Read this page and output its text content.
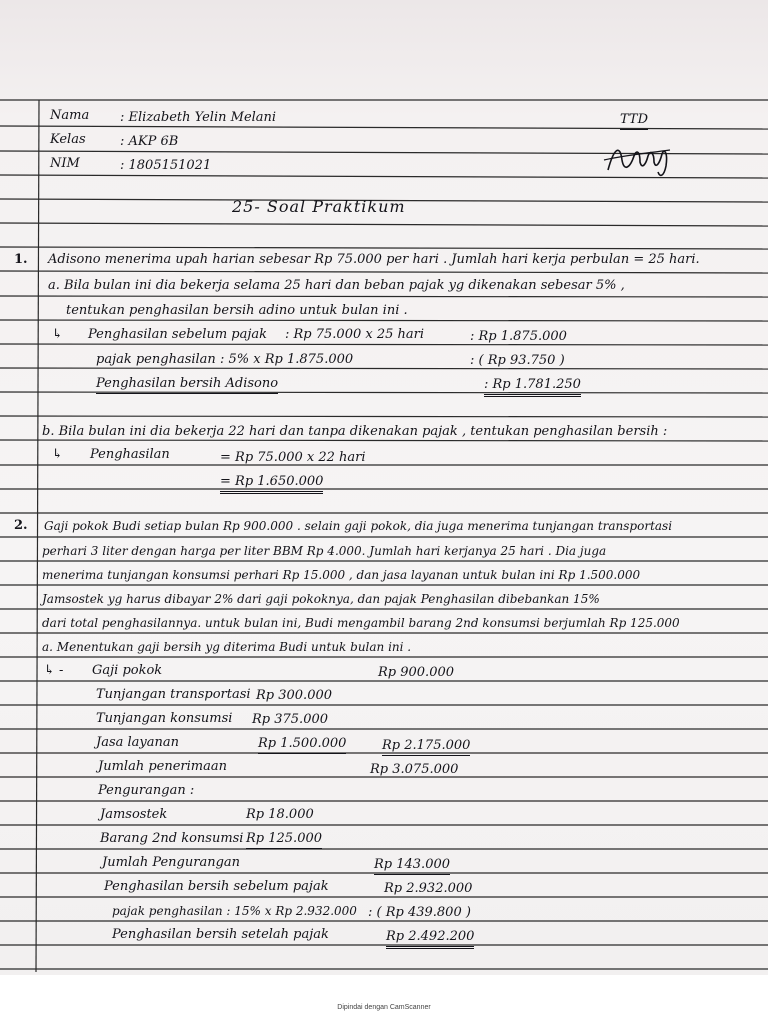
Nama : Elizabeth Yelin Melani
Kelas	: AKP 6B
NIM	: 1805151021
TTD
25- Soal Praktikum
1. Adisono menerima upah harian sebesar Rp 75.000 per hari . Jumlah hari kerja perbulan = 25 hari.
a. Bila bulan ini dia bekerja selama 25 hari dan beban pajak yg dikenakan sebesar 5% ,
tentukan penghasilan bersih adino untuk bulan ini .
↳ Penghasilan sebelum pajak : Rp 75.000 x 25 hari	: Rp 1.875.000
pajak penghasilan : 5% x Rp 1.875.000	: ( Rp 93.750 )
Penghasilan bersih Adisono	: Rp 1.781.250
b. Bila bulan ini dia bekerja 22 hari dan tanpa dikenakan pajak , tentukan penghasilan bersih :
↳ Penghasilan	= Rp 75.000 x 22 hari
= Rp 1.650.000
2. Gaji pokok Budi setiap bulan Rp 900.000 . selain gaji pokok, dia juga menerima tunjangan transportasi
perhari 3 liter dengan harga per liter BBM Rp 4.000. Jumlah hari kerjanya 25 hari . Dia juga
menerima tunjangan konsumsi perhari Rp 15.000 , dan jasa layanan untuk bulan ini Rp 1.500.000
Jamsostek yg harus dibayar 2% dari gaji pokoknya, dan pajak Penghasilan dibebankan 15%
dari total penghasilannya. untuk bulan ini, Budi mengambil barang 2nd konsumsi berjumlah Rp 125.000
a. Menentukan gaji bersih yg diterima Budi untuk bulan ini .
↳ - Gaji pokok	Rp 900.000
Tunjangan transportasi Rp 300.000
Tunjangan konsumsi Rp 375.000
Jasa layanan	Rp 1.500.000	Rp 2.175.000
Jumlah penerimaan	Rp 3.075.000
Pengurangan :
Jamsostek	Rp 18.000
Barang 2nd konsumsi Rp 125.000
Jumlah Pengurangan	Rp 143.000
Penghasilan bersih sebelum pajak	Rp 2.932.000
pajak penghasilan : 15% x Rp 2.932.000 : ( Rp 439.800 )
Penghasilan bersih setelah pajak	Rp 2.492.200
Dipindai dengan CamScanner
